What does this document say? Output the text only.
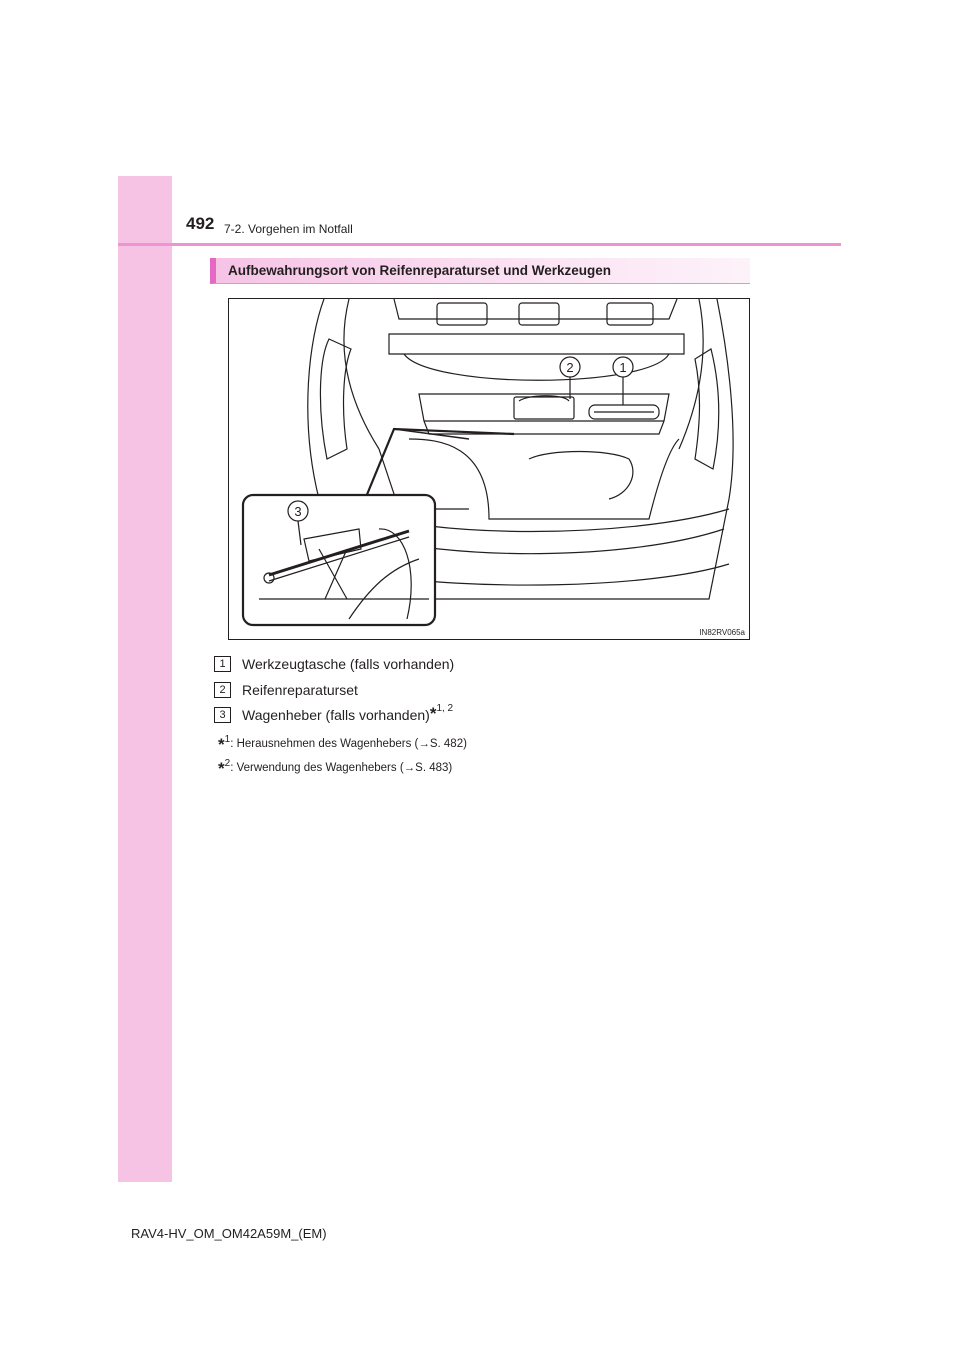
492 7-2. Vorgehen im Notfall
Aufbewahrungsort von Reifenreparaturset und Werkzeugen
2	1
3
IN82RV065a
1	Werkzeugtasche (falls vorhanden)
2	Reifenreparaturset
3	Wagenheber (falls vorhanden)*$^{1, 2}$
*1: Herausnehmen des Wagenhebers (→S. 482)
*2: Verwendung des Wagenhebers (→S. 483)
RAV4-HV_OM_OM42A59M_(EM)
